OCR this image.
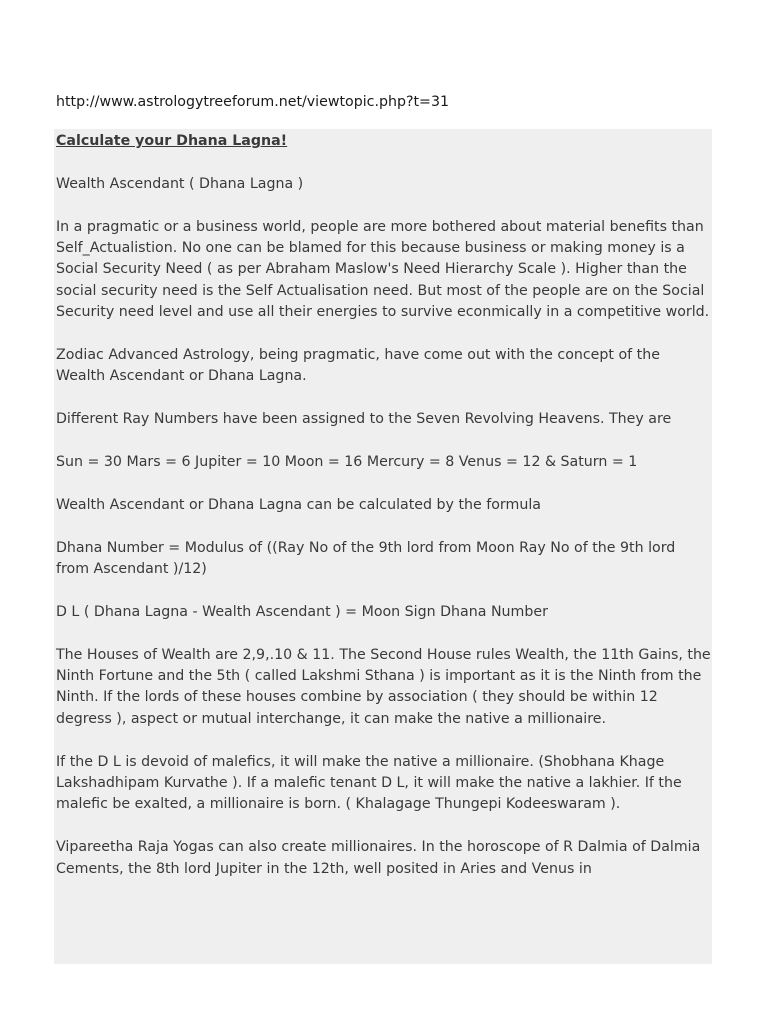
http://www.astrologytreeforum.net/viewtopic.php?t=31
Calculate your Dhana Lagna!

Wealth Ascendant ( Dhana Lagna )

In a pragmatic or a business world, people are more bothered about material benefits than Self_Actualistion. No one can be blamed for this because business or making money is a Social Security Need ( as per Abraham Maslow's Need Hierarchy Scale ). Higher than the social security need is the Self Actualisation need. But most of the people are on the Social Security need level and use all their energies to survive econmically in a competitive world.

Zodiac Advanced Astrology, being pragmatic, have come out with the concept of the Wealth Ascendant or Dhana Lagna.

Different Ray Numbers have been assigned to the Seven Revolving Heavens. They are

Sun = 30 Mars = 6 Jupiter = 10 Moon = 16 Mercury = 8 Venus = 12 & Saturn = 1

Wealth Ascendant or Dhana Lagna can be calculated by the formula

Dhana Number = Modulus of ((Ray No of the 9th lord from Moon Ray No of the 9th lord from Ascendant )/12)

D L ( Dhana Lagna - Wealth Ascendant ) = Moon Sign Dhana Number

The Houses of Wealth are 2,9,.10 & 11. The Second House rules Wealth, the 11th Gains, the Ninth Fortune and the 5th ( called Lakshmi Sthana ) is important as it is the Ninth from the Ninth. If the lords of these houses combine by association ( they should be within 12 degress ), aspect or mutual interchange, it can make the native a millionaire.

If the D L is devoid of malefics, it will make the native a millionaire. (Shobhana Khage Lakshadhipam Kurvathe ). If a malefic tenant D L, it will make the native a lakhier. If the malefic be exalted, a millionaire is born. ( Khalagage Thungepi Kodeeswaram ).

Vipareetha Raja Yogas can also create millionaires. In the horoscope of R Dalmia of Dalmia Cements, the 8th lord Jupiter in the 12th, well posited in Aries and Venus in
